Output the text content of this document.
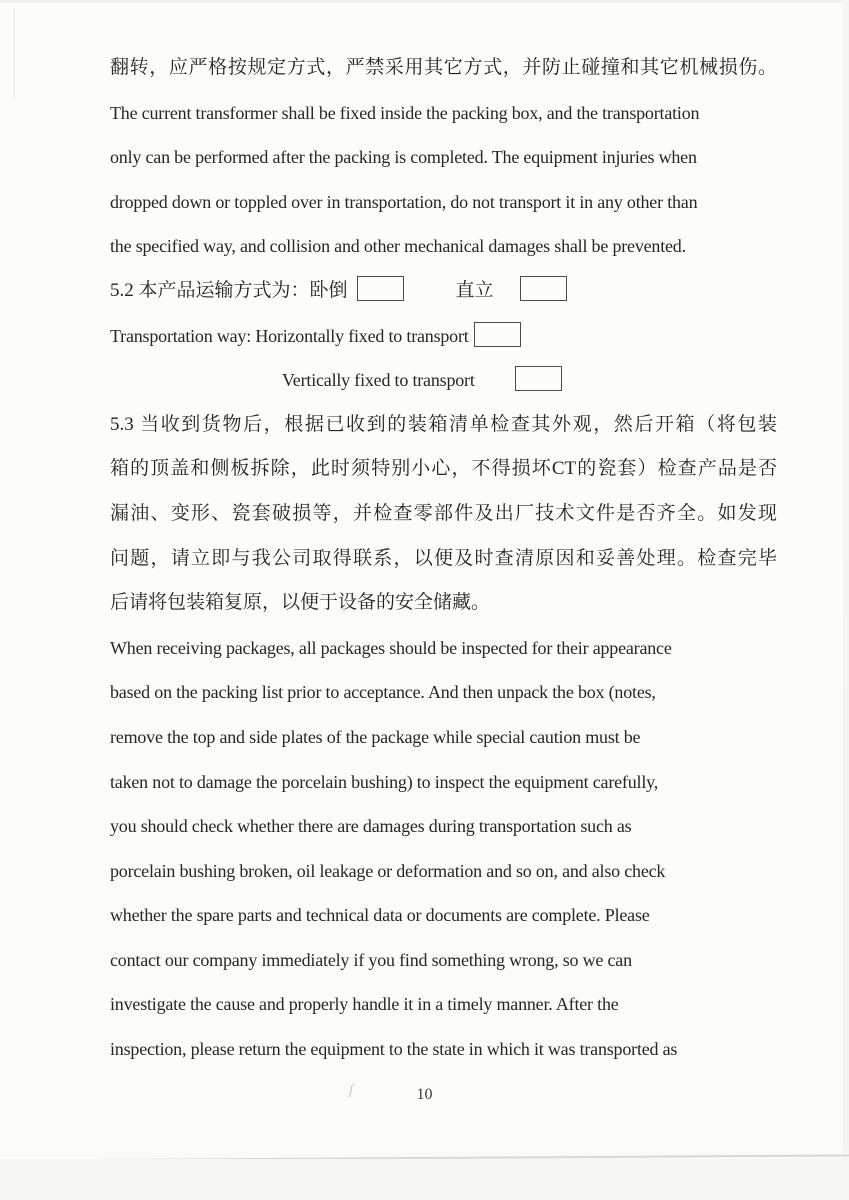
翻转，应严格按规定方式，严禁采用其它方式，并防止碰撞和其它机械损伤。
The current transformer shall be fixed inside the packing box, and the transportation
only can be performed after the packing is completed. The equipment injuries when
dropped down or toppled over in transportation, do not transport it in any other than
the specified way, and collision and other mechanical damages shall be prevented.
5.2 本产品运输方式为：卧倒	直立
Transportation way: Horizontally fixed to transport
Vertically fixed to transport
5.3 当收到货物后，根据已收到的装箱清单检查其外观，然后开箱（将包装
箱的顶盖和侧板拆除，此时须特别小心，不得损坏CT的瓷套）检查产品是否
漏油、变形、瓷套破损等，并检查零部件及出厂技术文件是否齐全。如发现
问题，请立即与我公司取得联系，以便及时查清原因和妥善处理。检查完毕
后请将包装箱复原，以便于设备的安全储藏。
When receiving packages, all packages should be inspected for their appearance
based on the packing list prior to acceptance. And then unpack the box (notes,
remove the top and side plates of the package while special caution must be
taken not to damage the porcelain bushing) to inspect the equipment carefully,
you should check whether there are damages during transportation such as
porcelain bushing broken, oil leakage or deformation and so on, and also check
whether the spare parts and technical data or documents are complete. Please
contact our company immediately if you find something wrong, so we can
investigate the cause and properly handle it in a timely manner. After the
inspection, please return the equipment to the state in which it was transported as
ʃ	10
